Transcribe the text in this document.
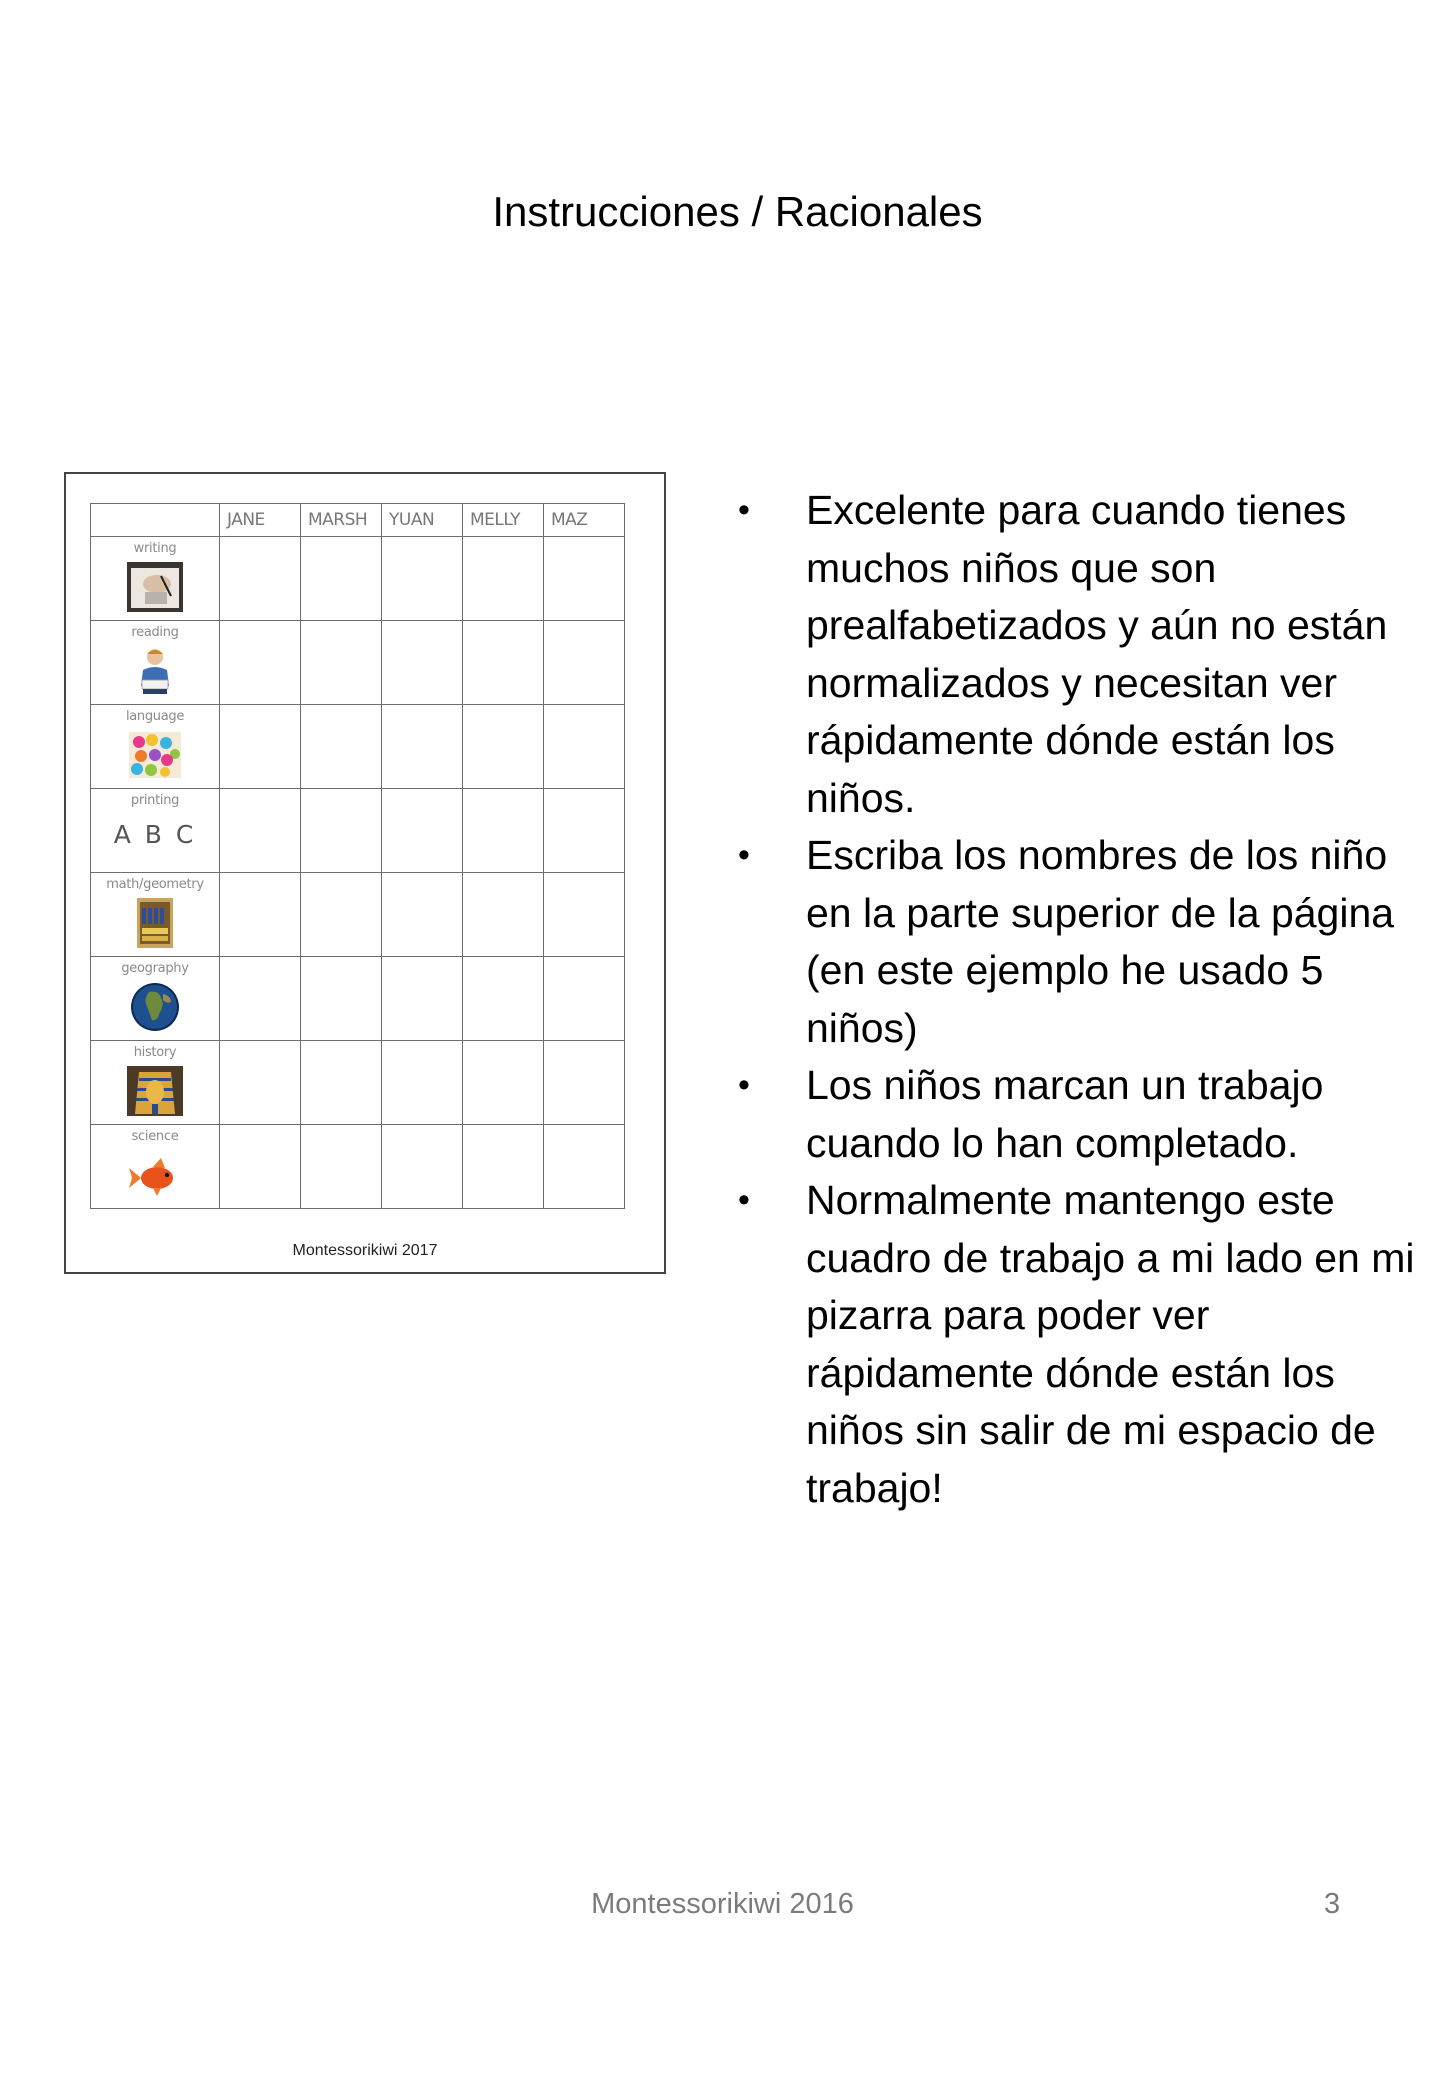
Instrucciones / Racionales
	JANE	MARSH	YUAN	MELLY	MAZ

writing					

reading					

language					

printing
A B C					

math/geometry					

geography					

history					

science					

Montessorikiwi 2017
• Excelente para cuando tienes muchos niños que son prealfabetizados y aún no están normalizados y necesitan ver rápidamente dónde están los niños.
• Escriba los nombres de los niño en la parte superior de la página (en este ejemplo he usado 5 niños)
• Los niños marcan un trabajo cuando lo han completado.
• Normalmente mantengo este cuadro de trabajo a mi lado en mi pizarra para poder ver rápidamente dónde están los niños sin salir de mi espacio de trabajo!
Montessorikiwi 2016	3
